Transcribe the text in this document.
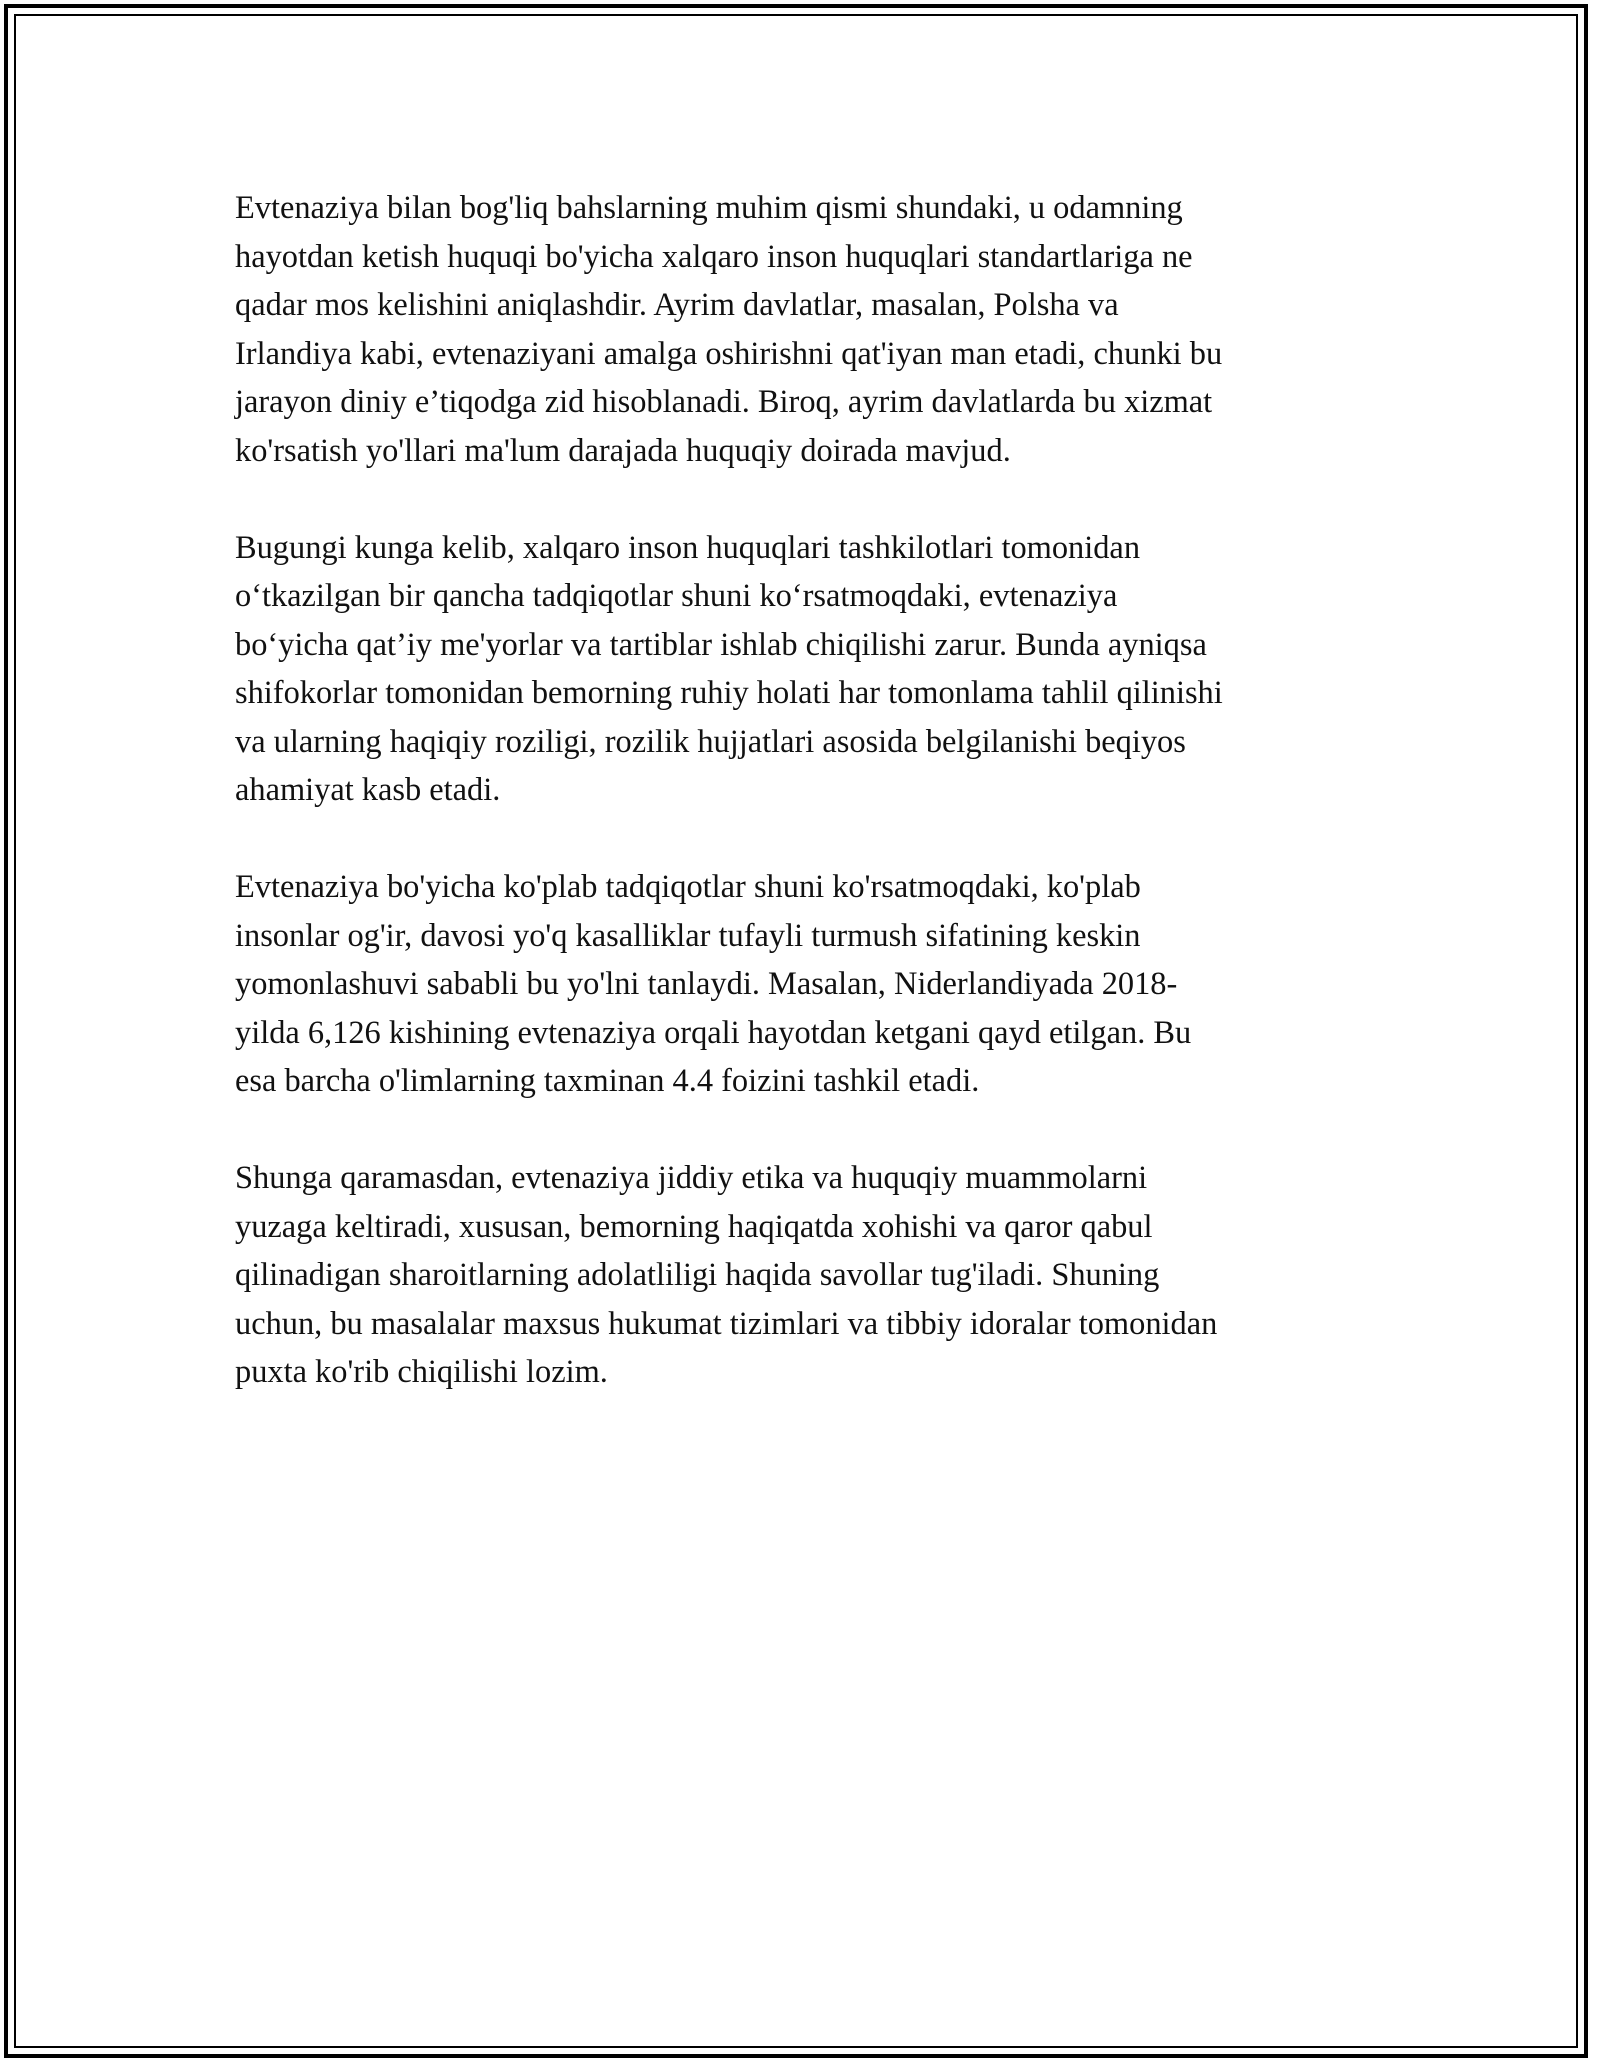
Evtenaziya bilan bog'liq bahslarning muhim qismi shundaki, u odamning
hayotdan ketish huquqi bo'yicha xalqaro inson huquqlari standartlariga ne
qadar mos kelishini aniqlashdir. Ayrim davlatlar, masalan, Polsha va
Irlandiya kabi, evtenaziyani amalga oshirishni qat'iyan man etadi, chunki bu
jarayon diniy e’tiqodga zid hisoblanadi. Biroq, ayrim davlatlarda bu xizmat
ko'rsatish yo'llari ma'lum darajada huquqiy doirada mavjud.

Bugungi kunga kelib, xalqaro inson huquqlari tashkilotlari tomonidan
o‘tkazilgan bir qancha tadqiqotlar shuni ko‘rsatmoqdaki, evtenaziya
bo‘yicha qat’iy me'yorlar va tartiblar ishlab chiqilishi zarur. Bunda ayniqsa
shifokorlar tomonidan bemorning ruhiy holati har tomonlama tahlil qilinishi
va ularning haqiqiy roziligi, rozilik hujjatlari asosida belgilanishi beqiyos
ahamiyat kasb etadi.

Evtenaziya bo'yicha ko'plab tadqiqotlar shuni ko'rsatmoqdaki, ko'plab
insonlar og'ir, davosi yo'q kasalliklar tufayli turmush sifatining keskin
yomonlashuvi sababli bu yo'lni tanlaydi. Masalan, Niderlandiyada 2018-
yilda 6,126 kishining evtenaziya orqali hayotdan ketgani qayd etilgan. Bu
esa barcha o'limlarning taxminan 4.4 foizini tashkil etadi.

Shunga qaramasdan, evtenaziya jiddiy etika va huquqiy muammolarni
yuzaga keltiradi, xususan, bemorning haqiqatda xohishi va qaror qabul
qilinadigan sharoitlarning adolatliligi haqida savollar tug'iladi. Shuning
uchun, bu masalalar maxsus hukumat tizimlari va tibbiy idoralar tomonidan
puxta ko'rib chiqilishi lozim.
